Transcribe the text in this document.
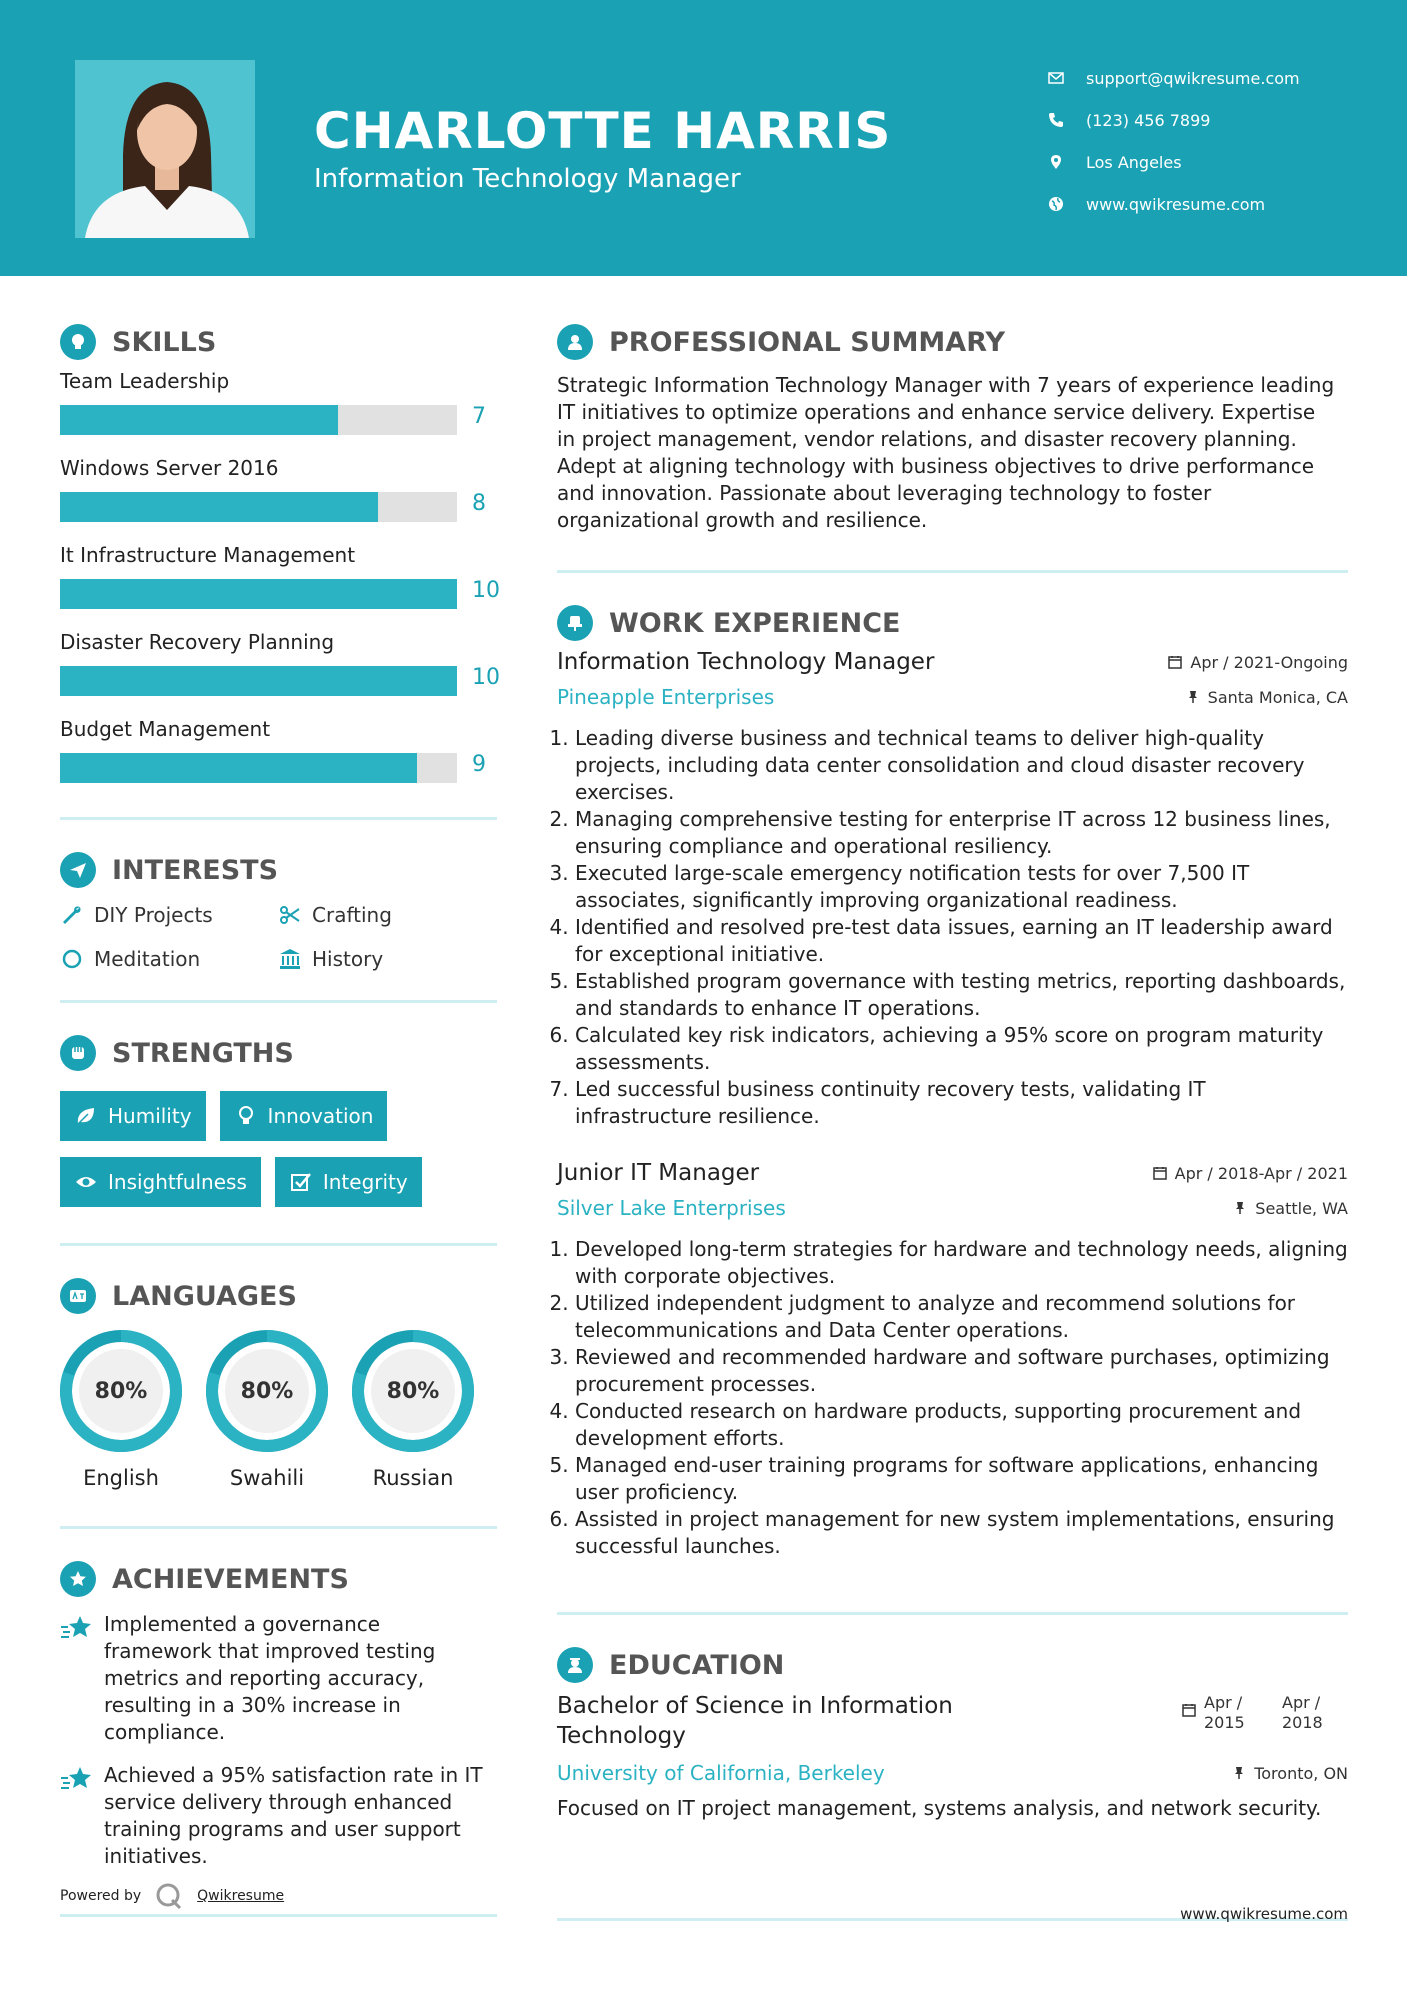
CHARLOTTE HARRIS
Information Technology Manager
support@qwikresume.com
(123) 456 7899
Los Angeles
www.qwikresume.com
SKILLS
Team Leadership
7
Windows Server 2016
8
It Infrastructure Management
10
Disaster Recovery Planning
10
Budget Management
9
INTERESTS
DIY Projects	Crafting
Meditation	History
STRENGTHS
Humility	Innovation
Insightfulness	Integrity
LANGUAGES
80%
English
80%
Swahili
80%
Russian
ACHIEVEMENTS
Implemented a governance framework that improved testing metrics and reporting accuracy, resulting in a 30% increase in compliance.
Achieved a 95% satisfaction rate in IT service delivery through enhanced training programs and user support initiatives.
Powered by	Qwikresume
PROFESSIONAL SUMMARY
Strategic Information Technology Manager with 7 years of experience leading IT initiatives to optimize operations and enhance service delivery. Expertise in project management, vendor relations, and disaster recovery planning. Adept at aligning technology with business objectives to drive performance and innovation. Passionate about leveraging technology to foster organizational growth and resilience.
WORK EXPERIENCE
Information Technology Manager	Apr / 2021-Ongoing
Pineapple Enterprises	Santa Monica, CA
1. Leading diverse business and technical teams to deliver high-quality projects, including data center consolidation and cloud disaster recovery exercises.
2. Managing comprehensive testing for enterprise IT across 12 business lines, ensuring compliance and operational resiliency.
3. Executed large-scale emergency notification tests for over 7,500 IT associates, significantly improving organizational readiness.
4. Identified and resolved pre-test data issues, earning an IT leadership award for exceptional initiative.
5. Established program governance with testing metrics, reporting dashboards, and standards to enhance IT operations.
6. Calculated key risk indicators, achieving a 95% score on program maturity assessments.
7. Led successful business continuity recovery tests, validating IT infrastructure resilience.
Junior IT Manager	Apr / 2018-Apr / 2021
Silver Lake Enterprises	Seattle, WA
1. Developed long-term strategies for hardware and technology needs, aligning with corporate objectives.
2. Utilized independent judgment to analyze and recommend solutions for telecommunications and Data Center operations.
3. Reviewed and recommended hardware and software purchases, optimizing procurement processes.
4. Conducted research on hardware products, supporting procurement and development efforts.
5. Managed end-user training programs for software applications, enhancing user proficiency.
6. Assisted in project management for new system implementations, ensuring successful launches.
EDUCATION
Bachelor of Science in Information Technology
Apr / 2015
Apr / 2018
University of California, Berkeley	Toronto, ON
Focused on IT project management, systems analysis, and network security.
www.qwikresume.com
